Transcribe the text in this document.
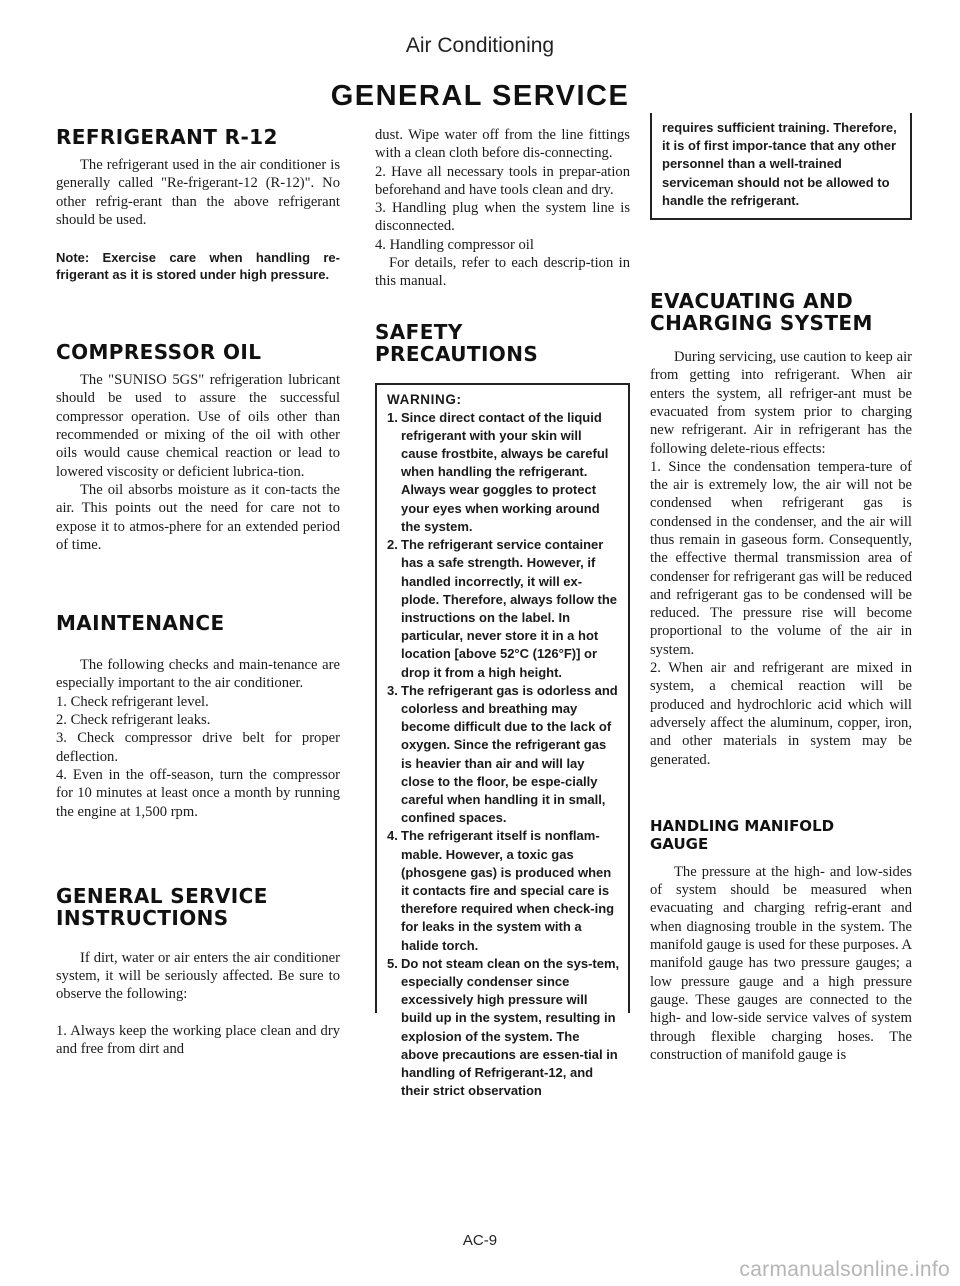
Air Conditioning
GENERAL SERVICE
REFRIGERANT R-12

The refrigerant used in the air conditioner is generally called "Re-frigerant-12 (R-12)". No other refrig-erant than the above refrigerant should be used.

Note: Exercise care when handling re-frigerant as it is stored under high pressure.

COMPRESSOR OIL

The "SUNISO 5GS" refrigeration lubricant should be used to assure the successful compressor operation. Use of oils other than recommended or mixing of the oil with other oils would cause chemical reaction or lead to lowered viscosity or deficient lubrica-tion.

The oil absorbs moisture as it con-tacts the air. This points out the need for care not to expose it to atmos-phere for an extended period of time.

MAINTENANCE

The following checks and main-tenance are especially important to the air conditioner.

1. Check refrigerant level.

2. Check refrigerant leaks.

3. Check compressor drive belt for proper deflection.

4. Even in the off-season, turn the compressor for 10 minutes at least once a month by running the engine at 1,500 rpm.

GENERAL SERVICE
INSTRUCTIONS

If dirt, water or air enters the air conditioner system, it will be seriously affected. Be sure to observe the following:

1. Always keep the working place clean and dry and free from dirt and

dust. Wipe water off from the line fittings with a clean cloth before dis-connecting.

2. Have all necessary tools in prepar-ation beforehand and have tools clean and dry.

3. Handling plug when the system line is disconnected.

4. Handling compressor oil

For details, refer to each descrip-tion in this manual.

SAFETY
PRECAUTIONS
WARNING:
1. Since direct contact of the liquid refrigerant with your skin will cause frostbite, always be careful when handling the refrigerant. Always wear goggles to protect your eyes when working around the system.
2. The refrigerant service container has a safe strength. However, if handled incorrectly, it will ex-plode. Therefore, always follow the instructions on the label. In particular, never store it in a hot location [above 52°C (126°F)] or drop it from a high height.
3. The refrigerant gas is odorless and colorless and breathing may become difficult due to the lack of oxygen. Since the refrigerant gas is heavier than air and will lay close to the floor, be espe-cially careful when handling it in small, confined spaces.
4. The refrigerant itself is nonflam-mable. However, a toxic gas (phosgene gas) is produced when it contacts fire and special care is therefore required when check-ing for leaks in the system with a halide torch.
5. Do not steam clean on the sys-tem, especially condenser since excessively high pressure will build up in the system, resulting in explosion of the system. The above precautions are essen-tial in handling of Refrigerant-12, and their strict observation
requires sufficient training. Therefore, it is of first impor-tance that any other personnel than a well-trained serviceman should not be allowed to handle the refrigerant.
EVACUATING AND
CHARGING SYSTEM

During servicing, use caution to keep air from getting into refrigerant. When air enters the system, all refriger-ant must be evacuated from system prior to charging new refrigerant. Air in refrigerant has the following delete-rious effects:

1. Since the condensation tempera-ture of the air is extremely low, the air will not be condensed when refrigerant gas is condensed in the condenser, and the air will thus remain in gaseous form. Consequently, the effective thermal transmission area of condenser for refrigerant gas will be reduced and refrigerant gas to be condensed will be reduced. The pressure rise will become proportional to the volume of the air in system.

2. When air and refrigerant are mixed in system, a chemical reaction will be produced and hydrochloric acid which will adversely affect the aluminum, copper, iron, and other materials in system may be generated.

HANDLING MANIFOLD
GAUGE

The pressure at the high- and low-sides of system should be measured when evacuating and charging refrig-erant and when diagnosing trouble in the system. The manifold gauge is used for these purposes. A manifold gauge has two pressure gauges; a low pressure gauge and a high pressure gauge. These gauges are connected to the high- and low-side service valves of system through flexible charging hoses. The construction of manifold gauge is

AC-9
carmanualsonline.info
